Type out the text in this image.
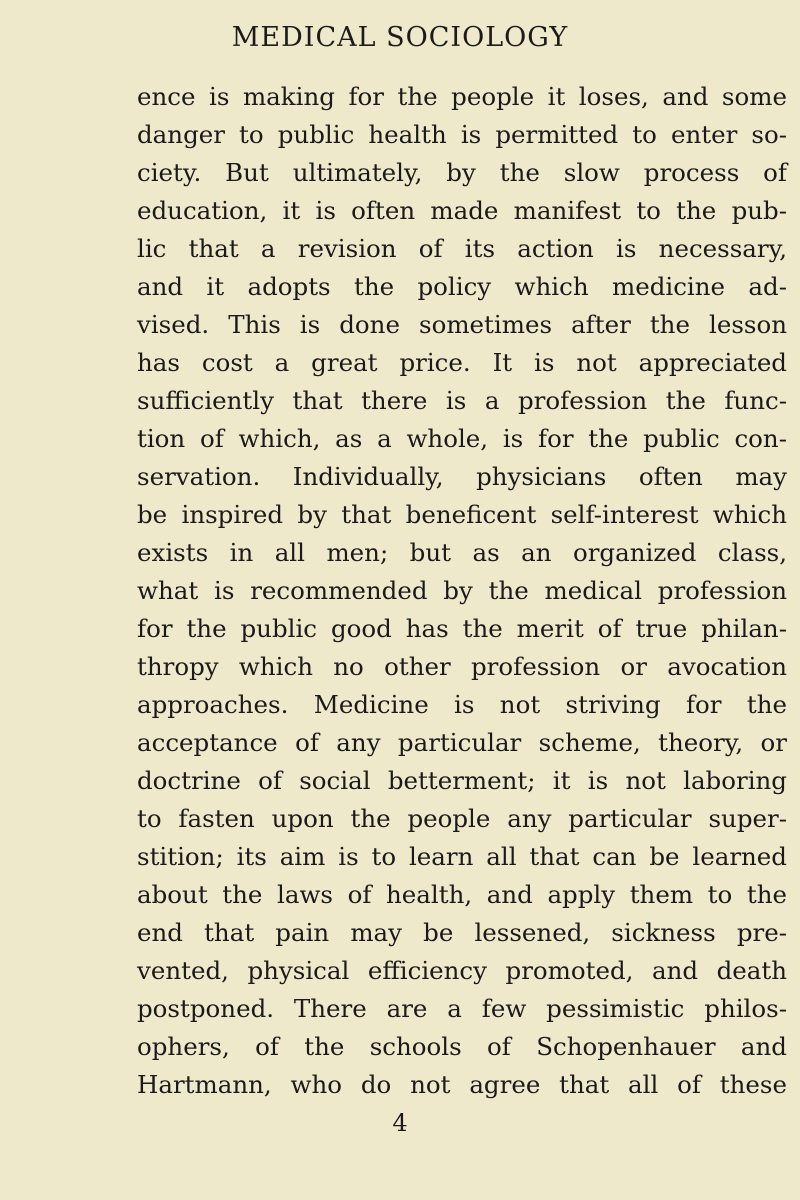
MEDICAL SOCIOLOGY
ence is making for the people it loses, and some
danger to public health is permitted to enter so-
ciety. But ultimately, by the slow process of
education, it is often made manifest to the pub-
lic that a revision of its action is necessary,
and it adopts the policy which medicine ad-
vised. This is done sometimes after the lesson
has cost a great price. It is not appreciated
sufficiently that there is a profession the func-
tion of which, as a whole, is for the public con-
servation. Individually, physicians often may
be inspired by that beneficent self-interest which
exists in all men; but as an organized class,
what is recommended by the medical profession
for the public good has the merit of true philan-
thropy which no other profession or avocation
approaches. Medicine is not striving for the
acceptance of any particular scheme, theory, or
doctrine of social betterment; it is not laboring
to fasten upon the people any particular super-
stition; its aim is to learn all that can be learned
about the laws of health, and apply them to the
end that pain may be lessened, sickness pre-
vented, physical efficiency promoted, and death
postponed. There are a few pessimistic philos-
ophers, of the schools of Schopenhauer and
Hartmann, who do not agree that all of these
4
